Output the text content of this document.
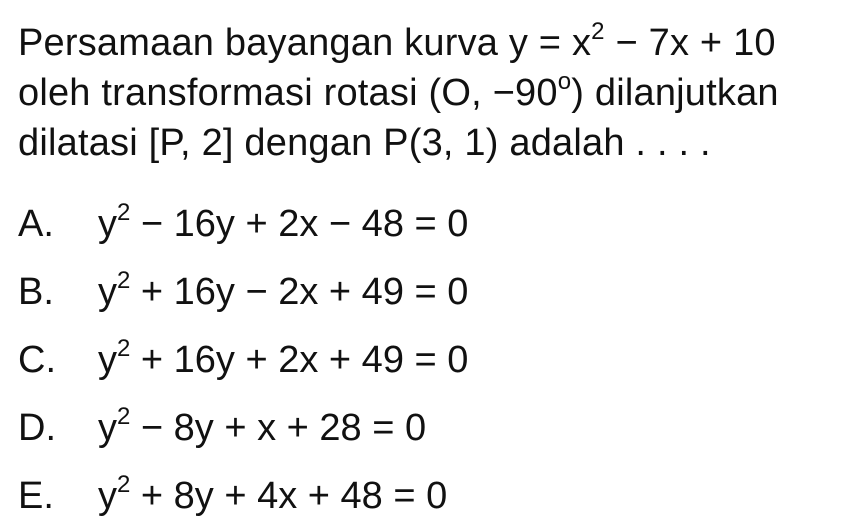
Persamaan bayangan kurva $y = x^2 - 7x + 10$
oleh transformasi rotasi (O, $-90^o$) dilanjutkan
dilatasi [P, 2] dengan P(3, 1) adalah . . . .
A.	$y^2 - 16y + 2x - 48 = 0$
B.	$y^2 + 16y - 2x + 49 = 0$
C.	$y^2 + 16y + 2x + 49 = 0$
D.	$y^2 - 8y + x + 28 = 0$
E.	$y^2 + 8y + 4x + 48 = 0$
